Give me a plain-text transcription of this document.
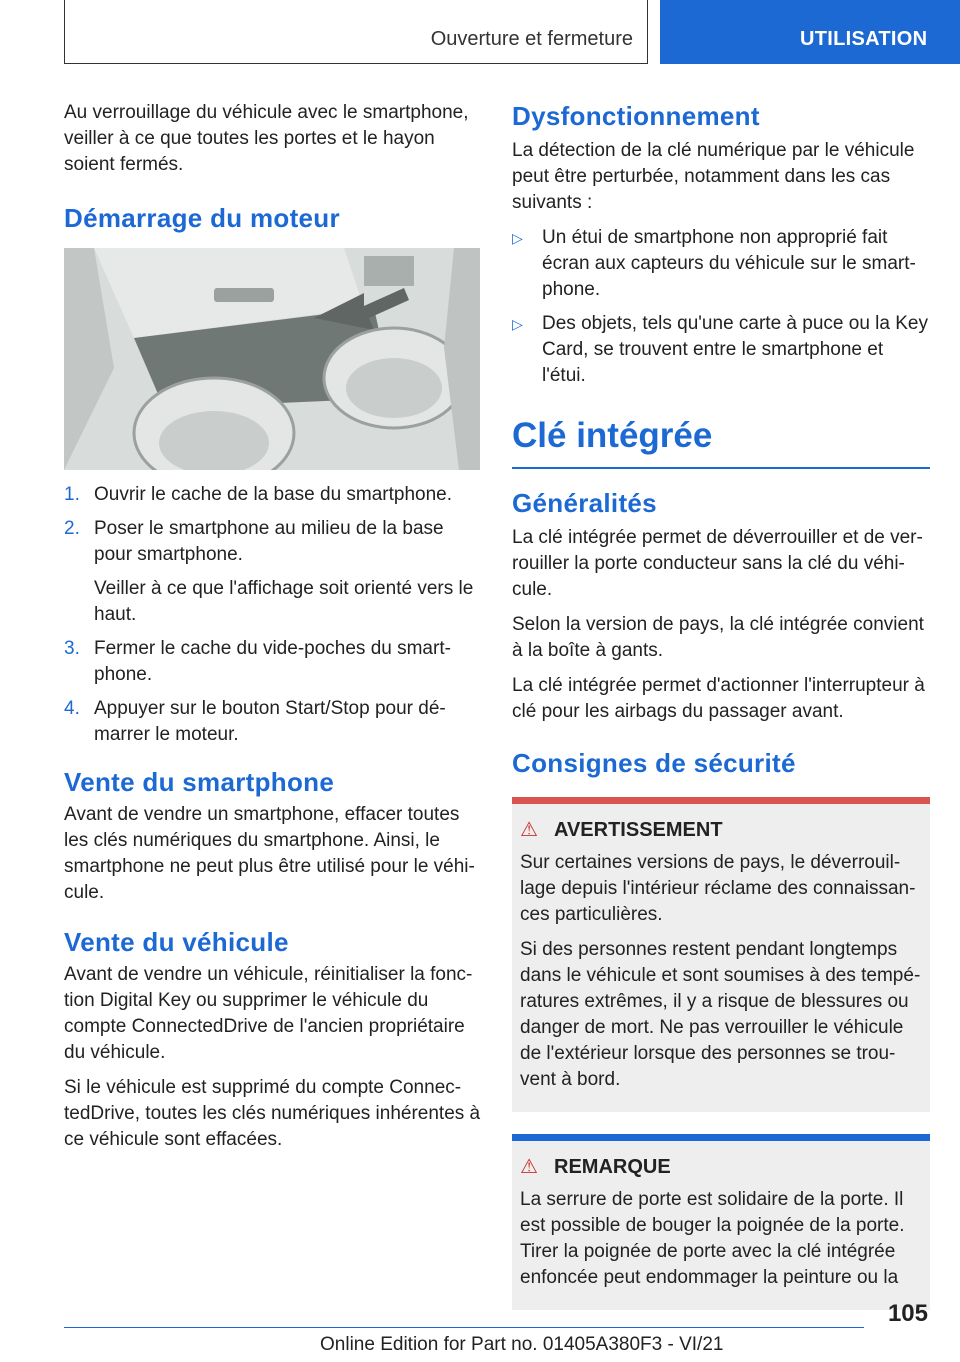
Ouverture et fermeture	UTILISATION

Au verrouillage du véhicule avec le smartphone, veiller à ce que toutes les portes et le hayon soient fermés.

Démarrage du moteur
1. Ouvrir le cache de la base du smartphone.
2. Poser le smartphone au milieu de la base pour smartphone.
Veiller à ce que l'affichage soit orienté vers le haut.
3. Fermer le cache du vide-poches du smart-phone.
4. Appuyer sur le bouton Start/Stop pour dé-marrer le moteur.
Vente du smartphone

Avant de vendre un smartphone, effacer toutes les clés numériques du smartphone. Ainsi, le smartphone ne peut plus être utilisé pour le véhi-cule.

Vente du véhicule

Avant de vendre un véhicule, réinitialiser la fonc-tion Digital Key ou supprimer le véhicule du compte ConnectedDrive de l'ancien propriétaire du véhicule.

Si le véhicule est supprimé du compte Connec-tedDrive, toutes les clés numériques inhérentes à ce véhicule sont effacées.

Dysfonctionnement

La détection de la clé numérique par le véhicule peut être perturbée, notamment dans les cas suivants :

▷ Un étui de smartphone non approprié fait écran aux capteurs du véhicule sur le smart-phone.
▷ Des objets, tels qu'une carte à puce ou la Key Card, se trouvent entre le smartphone et l'étui.
Clé intégrée
Généralités

La clé intégrée permet de déverrouiller et de ver-rouiller la porte conducteur sans la clé du véhi-cule.

Selon la version de pays, la clé intégrée convient à la boîte à gants.

La clé intégrée permet d'actionner l'interrupteur à clé pour les airbags du passager avant.

Consignes de sécurité
⚠ AVERTISSEMENT

Sur certaines versions de pays, le déverrouil-lage depuis l'intérieur réclame des connaissan-ces particulières.

Si des personnes restent pendant longtemps dans le véhicule et sont soumises à des tempé-ratures extrêmes, il y a risque de blessures ou danger de mort. Ne pas verrouiller le véhicule de l'extérieur lorsque des personnes se trou-vent à bord.

⚠ REMARQUE

La serrure de porte est solidaire de la porte. Il est possible de bouger la poignée de la porte. Tirer la poignée de porte avec la clé intégrée enfoncée peut endommager la peinture ou la

105
Online Edition for Part no. 01405A380F3 - VI/21
